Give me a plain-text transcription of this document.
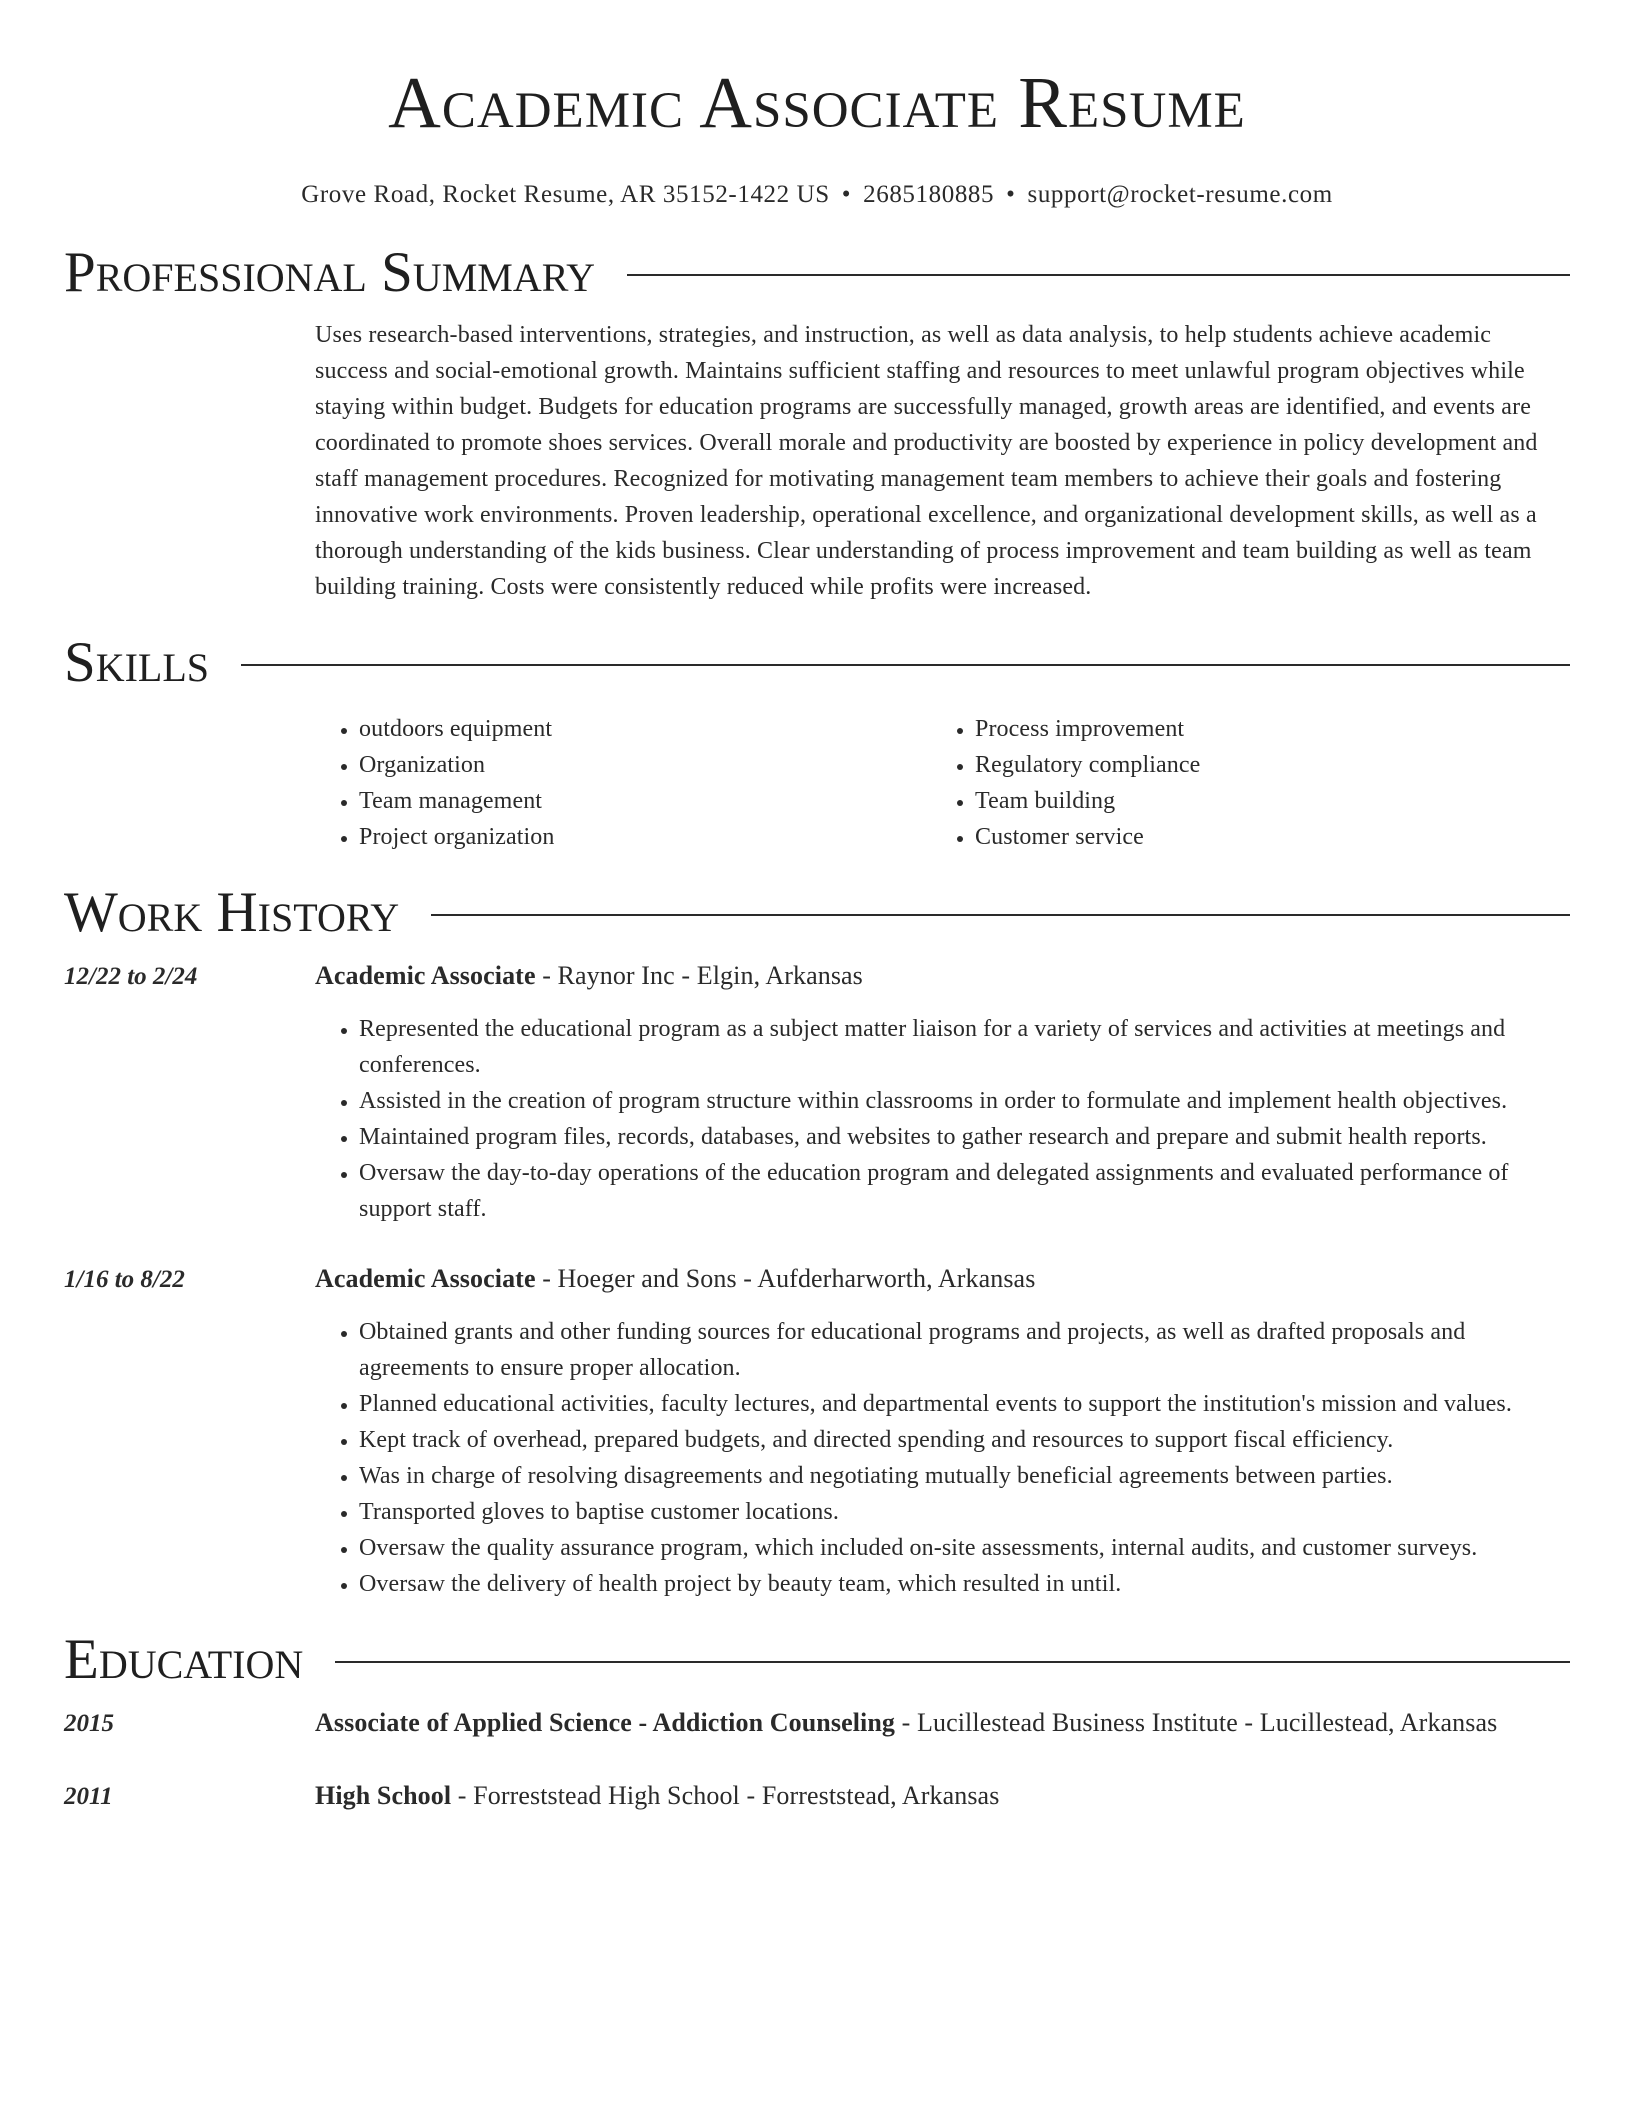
Academic Associate Resume
Grove Road, Rocket Resume, AR 35152-1422 US • 2685180885 • support@rocket-resume.com
Professional Summary

Uses research-based interventions, strategies, and instruction, as well as data analysis, to help students achieve academic success and social-emotional growth. Maintains sufficient staffing and resources to meet unlawful program objectives while staying within budget. Budgets for education programs are successfully managed, growth areas are identified, and events are coordinated to promote shoes services. Overall morale and productivity are boosted by experience in policy development and staff management procedures. Recognized for motivating management team members to achieve their goals and fostering innovative work environments. Proven leadership, operational excellence, and organizational development skills, as well as a thorough understanding of the kids business. Clear understanding of process improvement and team building as well as team building training. Costs were consistently reduced while profits were increased.

Skills
• outdoors equipment
• Organization
• Team management
• Project organization
• Process improvement
• Regulatory compliance
• Team building
• Customer service
Work History
12/22 to 2/24	Academic Associate - Raynor Inc - Elgin, Arkansas
• Represented the educational program as a subject matter liaison for a variety of services and activities at meetings and conferences.
• Assisted in the creation of program structure within classrooms in order to formulate and implement health objectives.
• Maintained program files, records, databases, and websites to gather research and prepare and submit health reports.
• Oversaw the day-to-day operations of the education program and delegated assignments and evaluated performance of support staff.
1/16 to 8/22	Academic Associate - Hoeger and Sons - Aufderharworth, Arkansas
• Obtained grants and other funding sources for educational programs and projects, as well as drafted proposals and agreements to ensure proper allocation.
• Planned educational activities, faculty lectures, and departmental events to support the institution's mission and values.
• Kept track of overhead, prepared budgets, and directed spending and resources to support fiscal efficiency.
• Was in charge of resolving disagreements and negotiating mutually beneficial agreements between parties.
• Transported gloves to baptise customer locations.
• Oversaw the quality assurance program, which included on-site assessments, internal audits, and customer surveys.
• Oversaw the delivery of health project by beauty team, which resulted in until.
Education
2015	Associate of Applied Science - Addiction Counseling - Lucillestead Business Institute - Lucillestead, Arkansas
2011	High School - Forreststead High School - Forreststead, Arkansas
